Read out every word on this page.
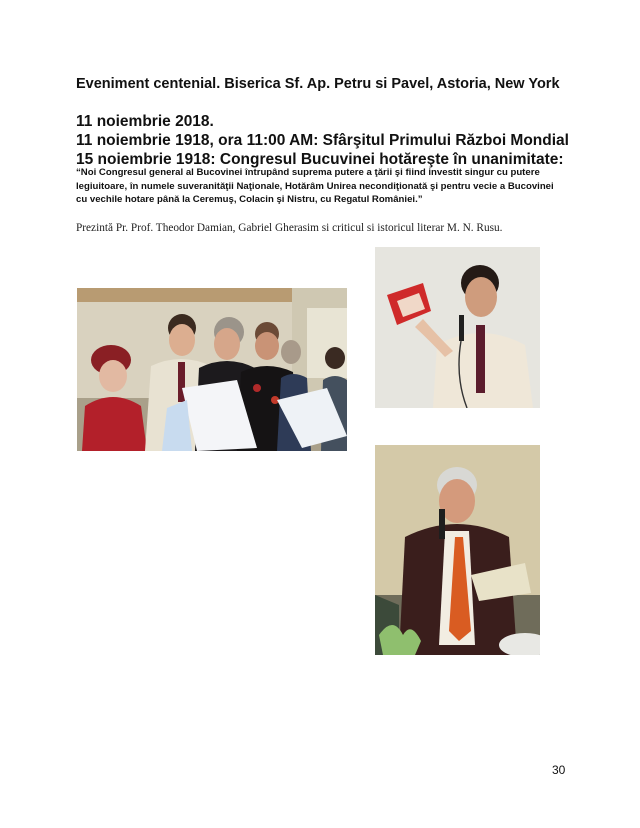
Eveniment centenial. Biserica Sf. Ap. Petru si Pavel, Astoria, New York
11 noiembrie 2018.
11 noiembrie 1918, ora 11:00 AM: Sfârşitul Primului Război Mondial
15 noiembrie 1918: Congresul Bucuvinei hotăreşte în unanimitate:
“Noi Congresul general al Bucovinei întrupând suprema putere a ţării şi fiind investit singur cu putere legiuitoare, în numele suveranităţii Naţionale, Hotărâm Unirea necondiţionată şi pentru vecie a Bucovinei cu vechile hotare până la Ceremuş, Colacin şi Nistru, cu Regatul României.”
Prezintă Pr. Prof. Theodor Damian, Gabriel Gherasim si criticul si istoricul literar M. N. Rusu.
30
